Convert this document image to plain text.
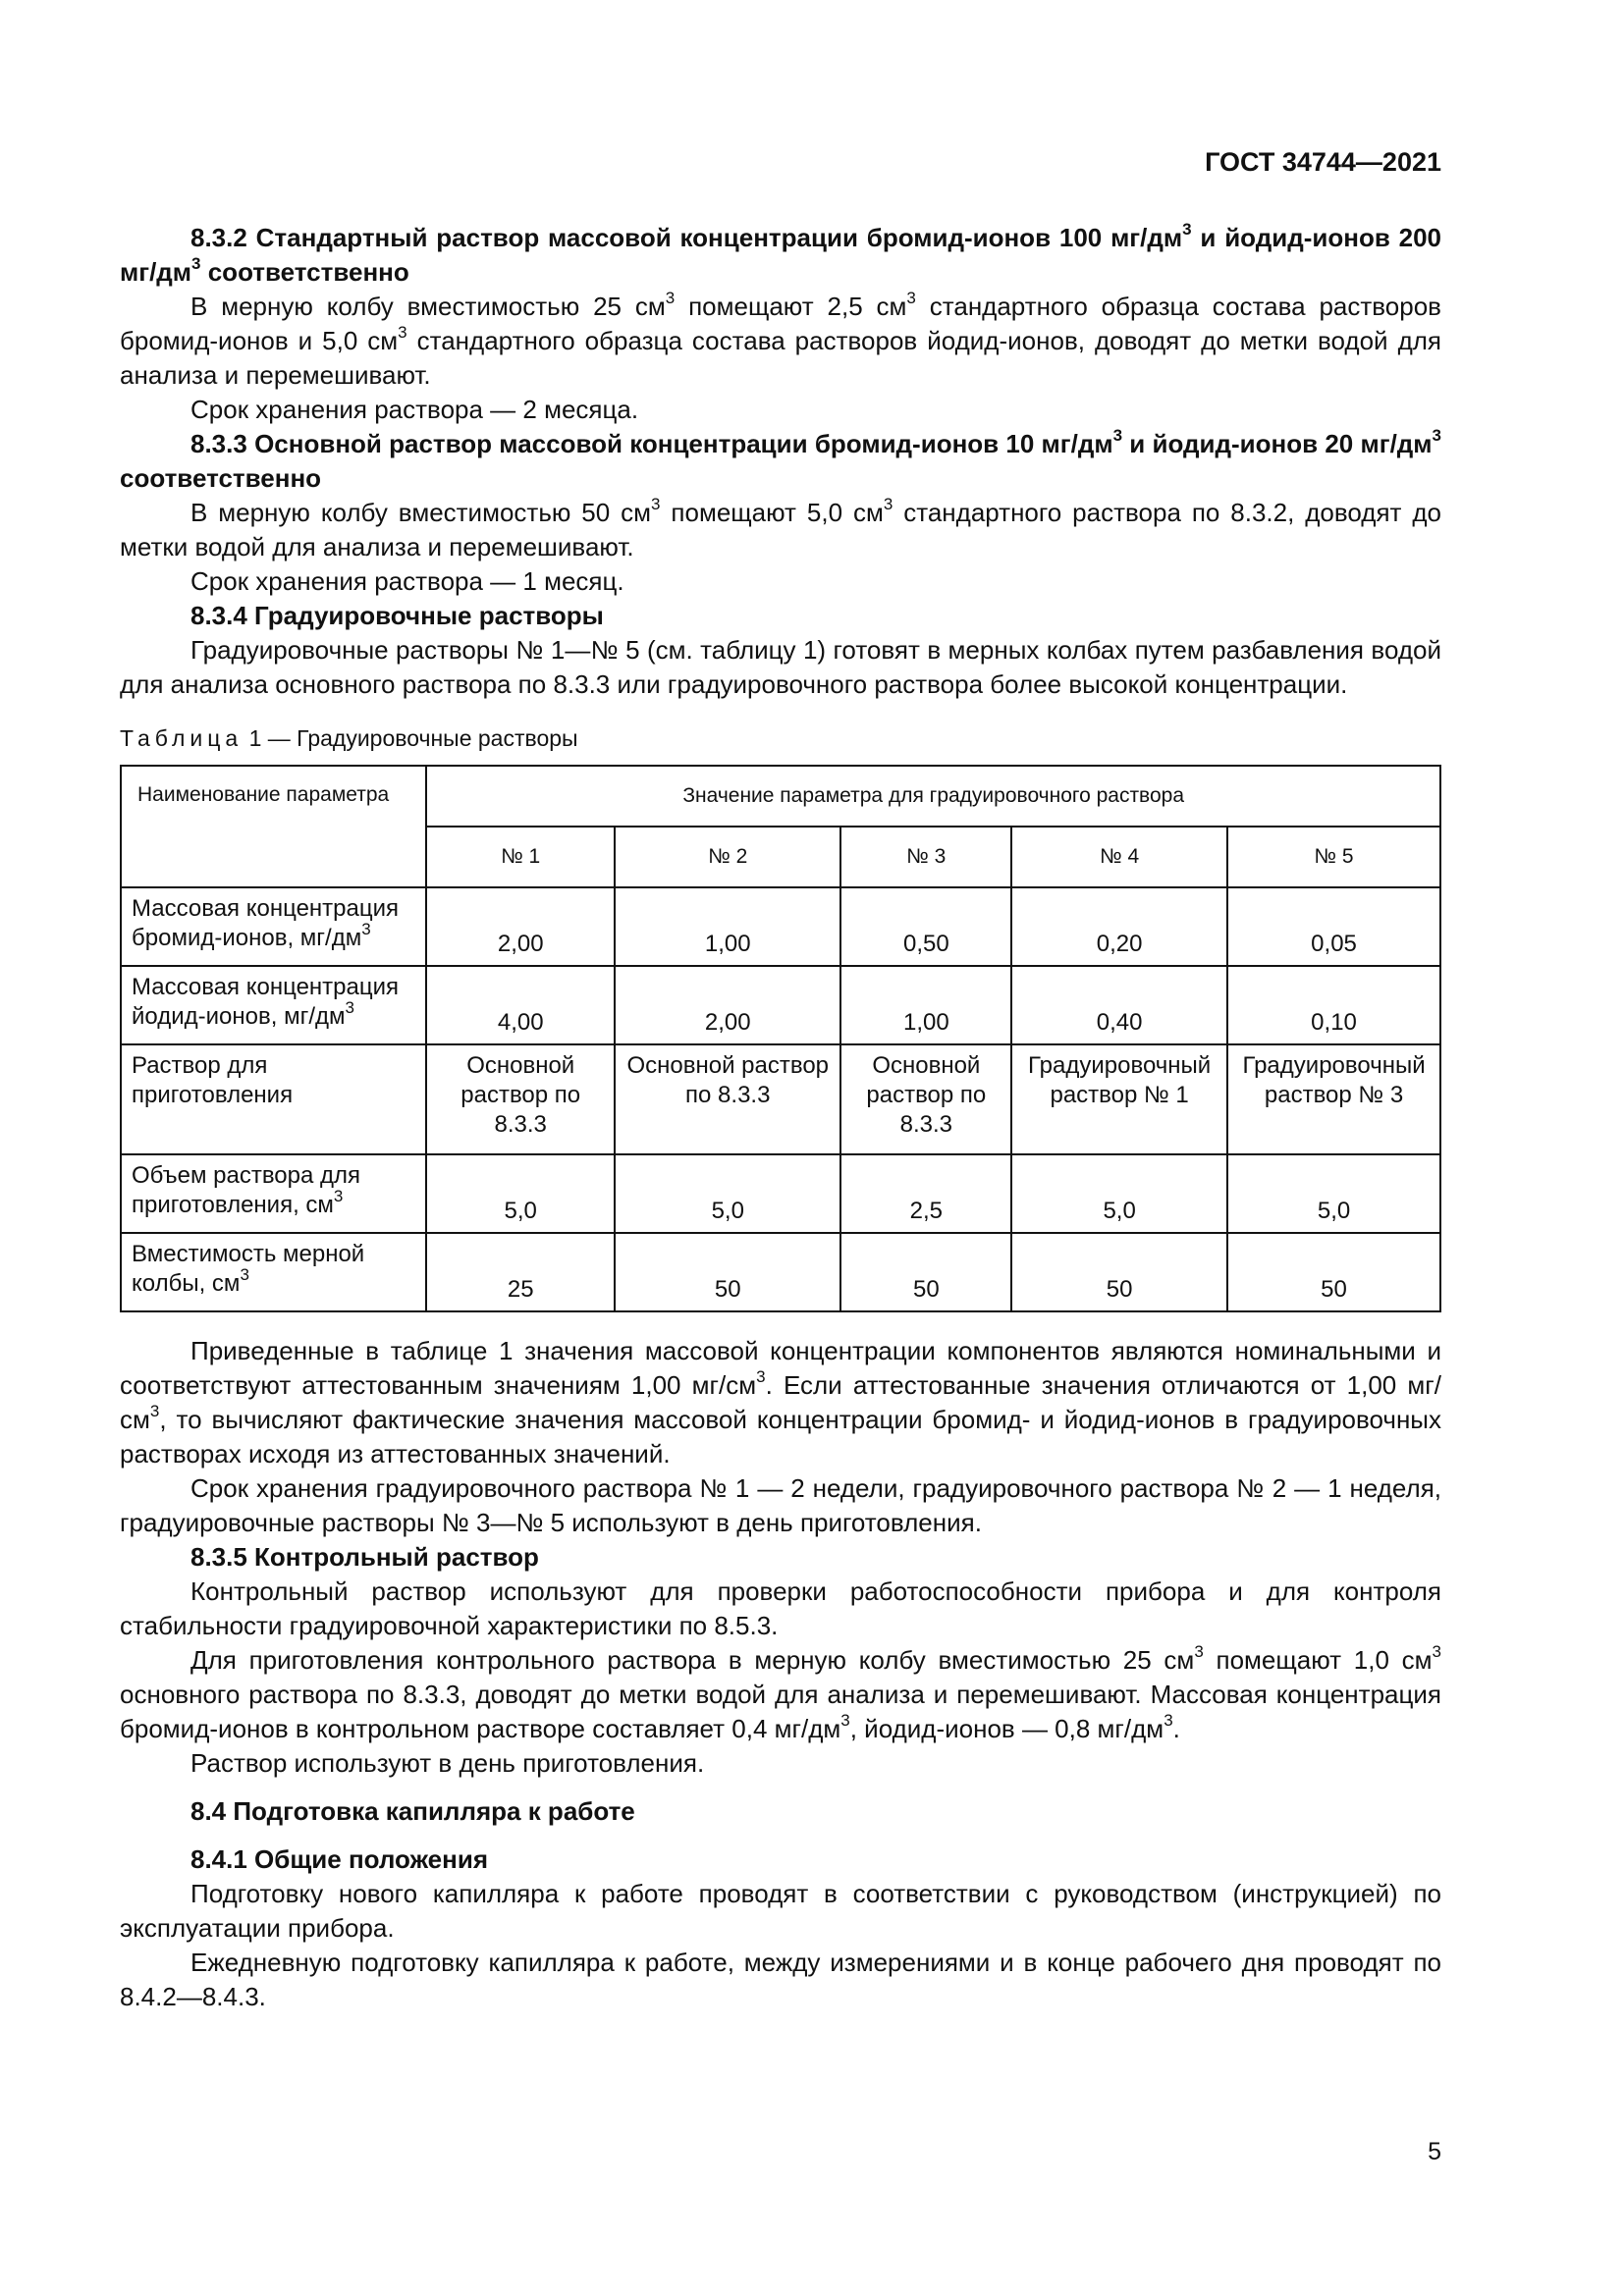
ГОСТ 34744—2021

8.3.2 Стандартный раствор массовой концентрации бромид-ионов 100 $мг/дм^3$ и йодид-ионов 200 $мг/дм^3$ соответственно

В мерную колбу вместимостью 25 $см^3$ помещают 2,5 $см^3$ стандартного образца состава растворов бромид-ионов и 5,0 $см^3$ стандартного образца состава растворов йодид-ионов, доводят до метки водой для анализа и перемешивают.

Срок хранения раствора — 2 месяца.

8.3.3 Основной раствор массовой концентрации бромид-ионов 10 $мг/дм^3$ и йодид-ионов 20 $мг/дм^3$ соответственно

В мерную колбу вместимостью 50 $см^3$ помещают 5,0 $см^3$ стандартного раствора по 8.3.2, доводят до метки водой для анализа и перемешивают.

Срок хранения раствора — 1 месяц.

8.3.4 Градуировочные растворы

Градуировочные растворы № 1—№ 5 (см. таблицу 1) готовят в мерных колбах путем разбавления водой для анализа основного раствора по 8.3.3 или градуировочного раствора более высокой концентрации.

Таблица 1 — Градуировочные растворы

Наименование параметра	Значение параметра для градуировочного раствора				
	№ 1	№ 2	№ 3	№ 4	№ 5
Массовая концентрация бромид-ионов, $мг/дм^3$	2,00	1,00	0,50	0,20	0,05
Массовая концентрация йодид-ионов, $мг/дм^3$	4,00	2,00	1,00	0,40	0,10
Раствор для приготовления	Основной раствор по 8.3.3	Основной раствор по 8.3.3	Основной раствор по 8.3.3	Градуировочный раствор № 1	Градуировочный раствор № 3
Объем раствора для приготовления, $см^3$	5,0	5,0	2,5	5,0	5,0
Вместимость мерной колбы, $см^3$	25	50	50	50	50

Приведенные в таблице 1 значения массовой концентрации компонентов являются номинальными и соответствуют аттестованным значениям 1,00 $мг/см^3$. Если аттестованные значения отличаются от 1,00 $мг/см^3$, то вычисляют фактические значения массовой концентрации бромид- и йодид-ионов в градуировочных растворах исходя из аттестованных значений.

Срок хранения градуировочного раствора № 1 — 2 недели, градуировочного раствора № 2 — 1 неделя, градуировочные растворы № 3—№ 5 используют в день приготовления.

8.3.5 Контрольный раствор

Контрольный раствор используют для проверки работоспособности прибора и для контроля стабильности градуировочной характеристики по 8.5.3.

Для приготовления контрольного раствора в мерную колбу вместимостью 25 $см^3$ помещают 1,0 $см^3$ основного раствора по 8.3.3, доводят до метки водой для анализа и перемешивают. Массовая концентрация бромид-ионов в контрольном растворе составляет 0,4 $мг/дм^3$, йодид-ионов — 0,8 $мг/дм^3$.

Раствор используют в день приготовления.

8.4 Подготовка капилляра к работе

8.4.1 Общие положения

Подготовку нового капилляра к работе проводят в соответствии с руководством (инструкцией) по эксплуатации прибора.

Ежедневную подготовку капилляра к работе, между измерениями и в конце рабочего дня проводят по 8.4.2—8.4.3.

5
